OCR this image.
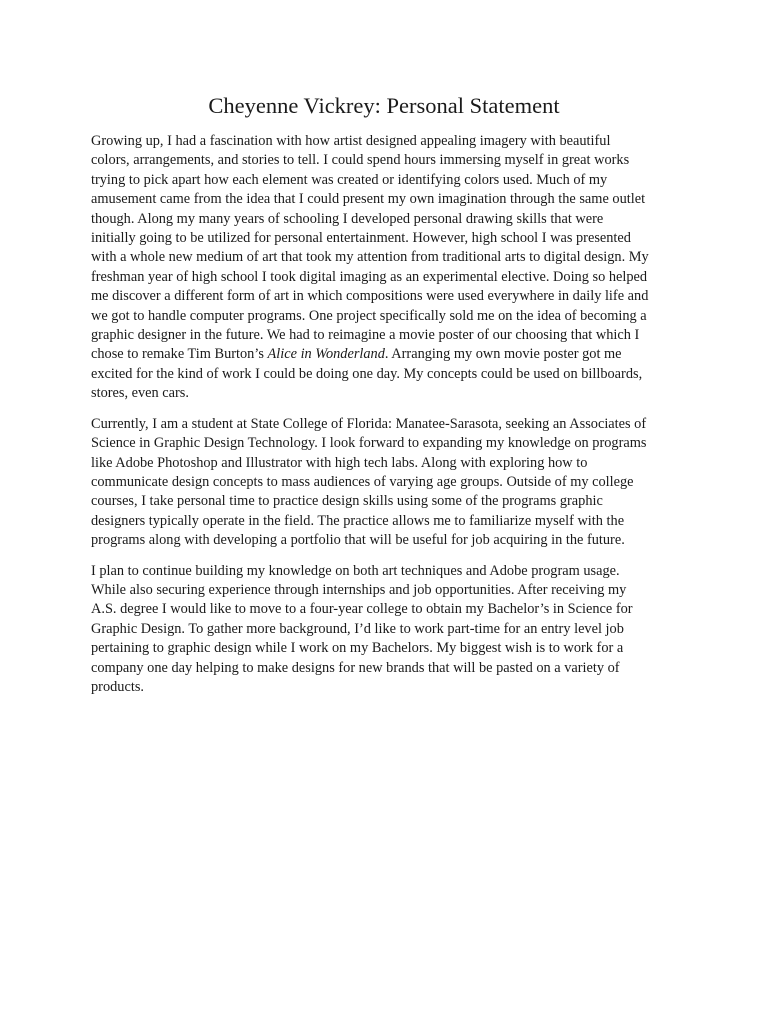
Cheyenne Vickrey: Personal Statement

Growing up, I had a fascination with how artist designed appealing imagery with beautiful
colors, arrangements, and stories to tell. I could spend hours immersing myself in great works
trying to pick apart how each element was created or identifying colors used. Much of my
amusement came from the idea that I could present my own imagination through the same outlet
though. Along my many years of schooling I developed personal drawing skills that were
initially going to be utilized for personal entertainment. However, high school I was presented
with a whole new medium of art that took my attention from traditional arts to digital design. My
freshman year of high school I took digital imaging as an experimental elective. Doing so helped
me discover a different form of art in which compositions were used everywhere in daily life and
we got to handle computer programs. One project specifically sold me on the idea of becoming a
graphic designer in the future. We had to reimagine a movie poster of our choosing that which I
chose to remake Tim Burton’s Alice in Wonderland. Arranging my own movie poster got me
excited for the kind of work I could be doing one day. My concepts could be used on billboards,
stores, even cars.

Currently, I am a student at State College of Florida: Manatee-Sarasota, seeking an Associates of
Science in Graphic Design Technology. I look forward to expanding my knowledge on programs
like Adobe Photoshop and Illustrator with high tech labs. Along with exploring how to
communicate design concepts to mass audiences of varying age groups. Outside of my college
courses, I take personal time to practice design skills using some of the programs graphic
designers typically operate in the field. The practice allows me to familiarize myself with the
programs along with developing a portfolio that will be useful for job acquiring in the future.

I plan to continue building my knowledge on both art techniques and Adobe program usage.
While also securing experience through internships and job opportunities. After receiving my
A.S. degree I would like to move to a four-year college to obtain my Bachelor’s in Science for
Graphic Design. To gather more background, I’d like to work part-time for an entry level job
pertaining to graphic design while I work on my Bachelors. My biggest wish is to work for a
company one day helping to make designs for new brands that will be pasted on a variety of
products.
